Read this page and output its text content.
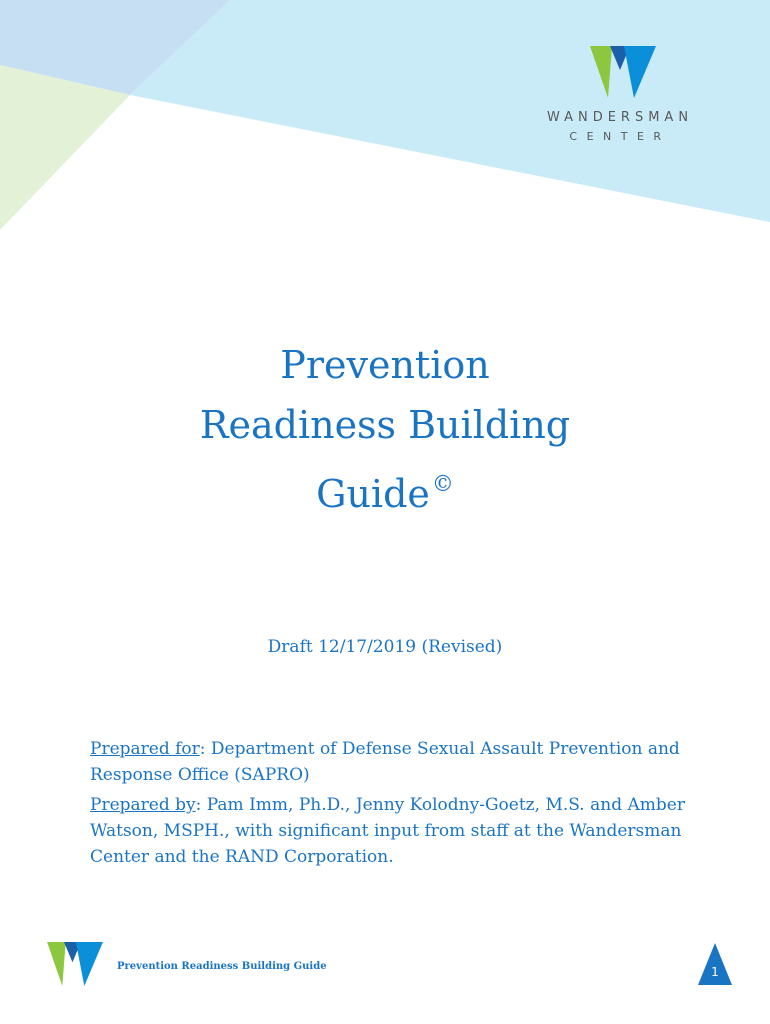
WANDERSMAN
CENTER
Prevention
Readiness Building
Guide©
Draft 12/17/2019 (Revised)
Prepared for: Department of Defense Sexual Assault Prevention and Response Office (SAPRO)
Prepared by: Pam Imm, Ph.D., Jenny Kolodny-Goetz, M.S. and Amber Watson, MSPH., with significant input from staff at the Wandersman Center and the RAND Corporation.
Prevention Readiness Building Guide	1
